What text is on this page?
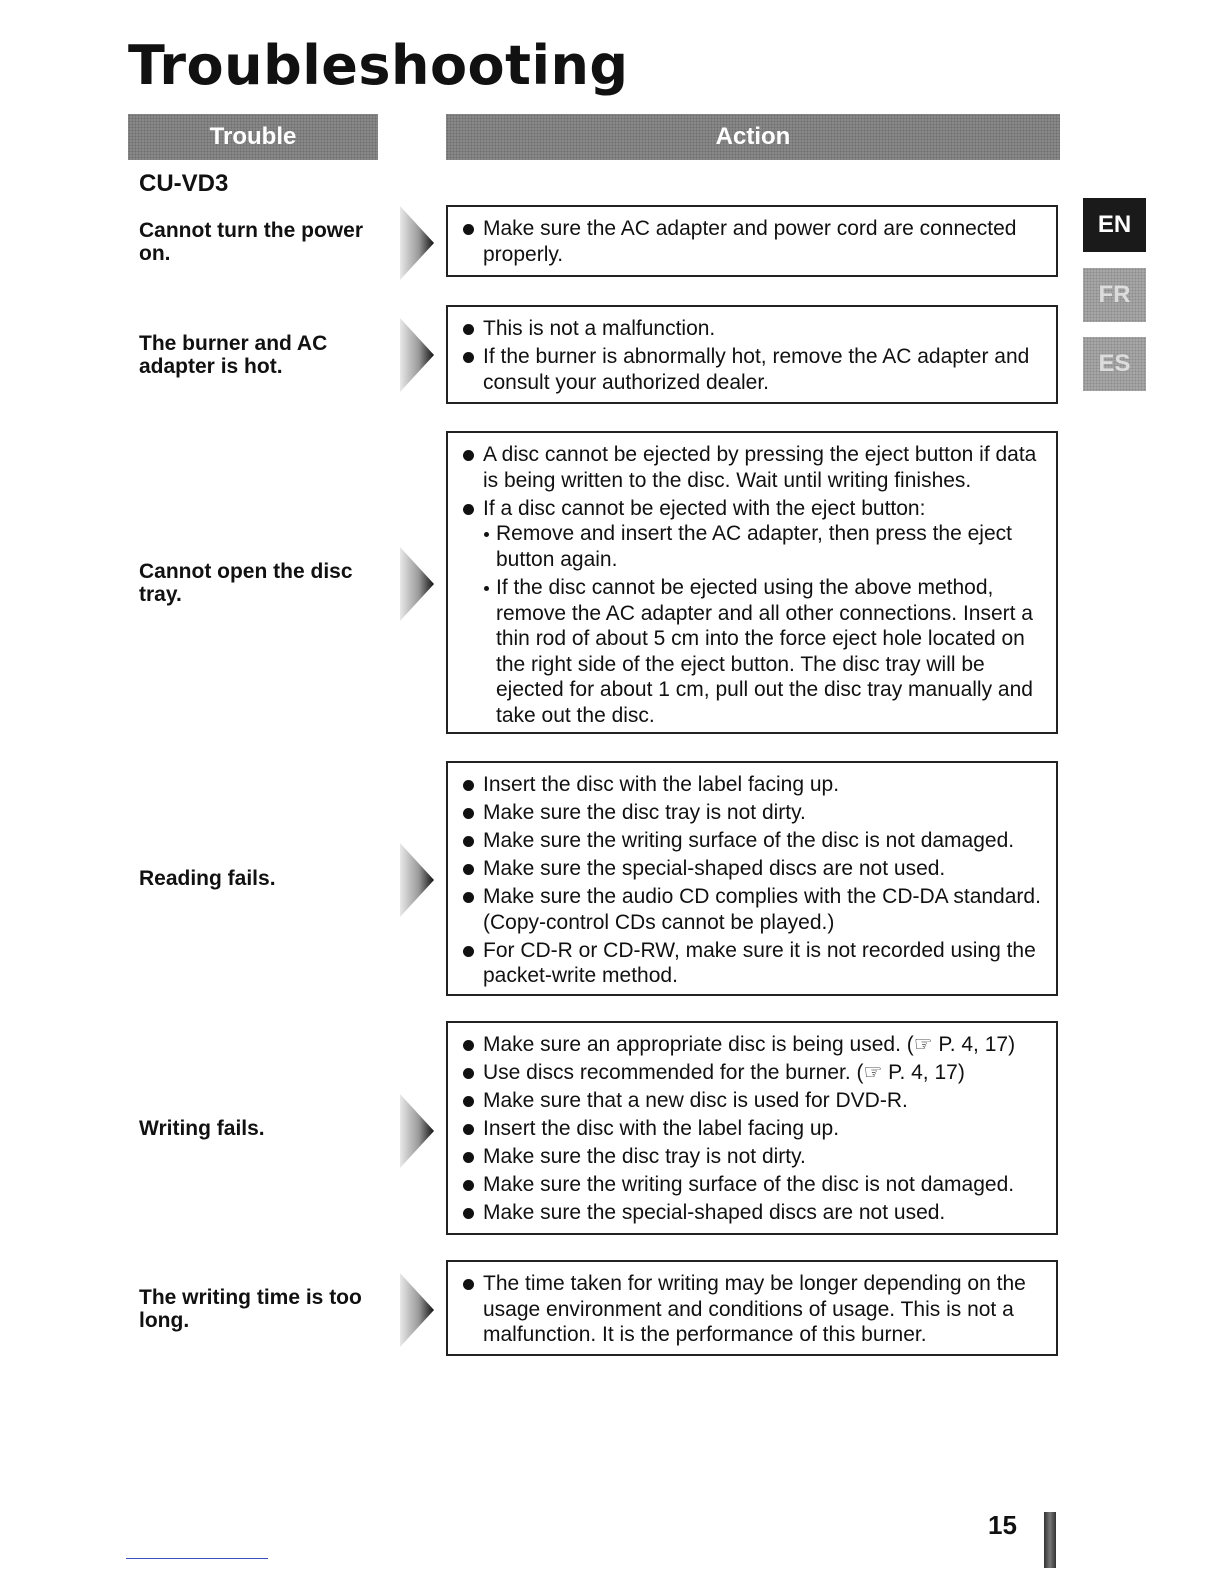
Troubleshooting
Trouble	Action
CU-VD3
EN
FR
ES
Cannot turn the power on.
Make sure the AC adapter and power cord are connected properly.
The burner and AC adapter is hot.
This is not a malfunction.
If the burner is abnormally hot, remove the AC adapter and consult your authorized dealer.
Cannot open the disc tray.
A disc cannot be ejected by pressing the eject button if data is being written to the disc. Wait until writing finishes.
If a disc cannot be ejected with the eject button:
Remove and insert the AC adapter, then press the eject button again.
If the disc cannot be ejected using the above method, remove the AC adapter and all other connections. Insert a thin rod of about 5 cm into the force eject hole located on the right side of the eject button. The disc tray will be ejected for about 1 cm, pull out the disc tray manually and take out the disc.
Reading fails.
Insert the disc with the label facing up.
Make sure the disc tray is not dirty.
Make sure the writing surface of the disc is not damaged.
Make sure the special-shaped discs are not used.
Make sure the audio CD complies with the CD-DA standard. (Copy-control CDs cannot be played.)
For CD-R or CD-RW, make sure it is not recorded using the packet-write method.
Writing fails.
Make sure an appropriate disc is being used. (☞ P. 4, 17)
Use discs recommended for the burner. (☞ P. 4, 17)
Make sure that a new disc is used for DVD-R.
Insert the disc with the label facing up.
Make sure the disc tray is not dirty.
Make sure the writing surface of the disc is not damaged.
Make sure the special-shaped discs are not used.
The writing time is too long.
The time taken for writing may be longer depending on the usage environment and conditions of usage. This is not a malfunction. It is the performance of this burner.
15
